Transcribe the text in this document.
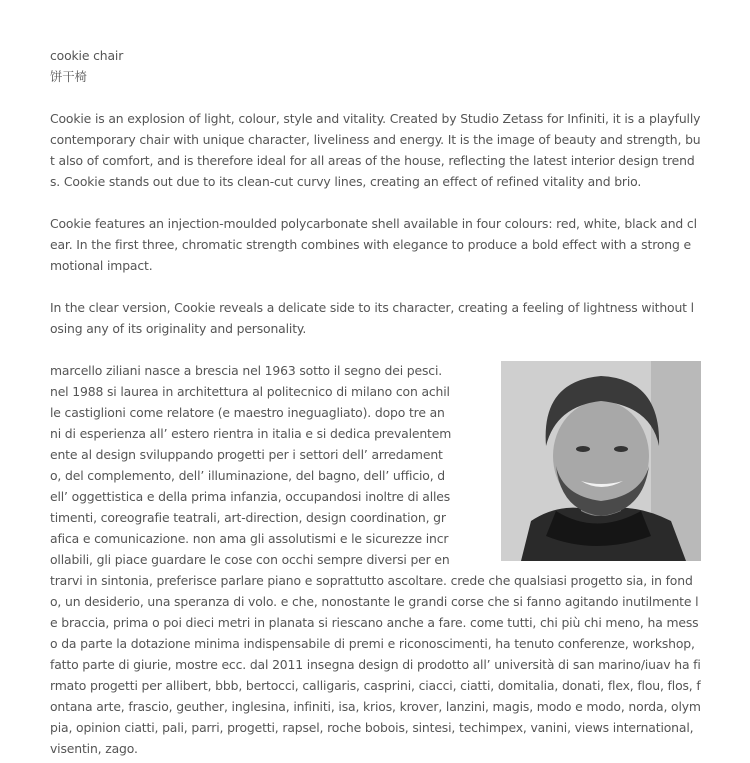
cookie chair
饼干椅

Cookie is an explosion of light, colour, style and vitality. Created by Studio Zetass for Infiniti, it is a playfully contemporary chair with unique character, liveliness and energy. It is the image of beauty and strength, but also of comfort, and is therefore ideal for all areas of the house, reflecting the latest interior design trends. Cookie stands out due to its clean-cut curvy lines, creating an effect of refined vitality and brio.

Cookie features an injection-moulded polycarbonate shell available in four colours: red, white, black and clear. In the first three, chromatic strength combines with elegance to produce a bold effect with a strong emotional impact.

In the clear version, Cookie reveals a delicate side to its character, creating a feeling of lightness without losing any of its originality and personality.

marcello ziliani nasce a brescia nel 1963 sotto il segno dei pesci. nel 1988 si laurea in architettura al politecnico di milano con achille castiglioni come relatore (e maestro ineguagliato). dopo tre anni di esperienza all’ estero rientra in italia e si dedica prevalentemente al design sviluppando progetti per i settori dell’ arredamento, del complemento, dell’ illuminazione, del bagno, dell’ ufficio, dell’ oggettistica e della prima infanzia, occupandosi inoltre di allestimenti, coreografie teatrali, art-direction, design coordination, grafica e comunicazione. non ama gli assolutismi e le sicurezze incrollabili, gli piace guardare le cose con occhi sempre diversi per entrarvi in sintonia, preferisce parlare piano e soprattutto ascoltare. crede che qualsiasi progetto sia, in fondo, un desiderio, una speranza di volo. e che, nonostante le grandi corse che si fanno agitando inutilmente le braccia, prima o poi dieci metri in planata si riescano anche a fare. come tutti, chi più chi meno, ha messo da parte la dotazione minima indispensabile di premi e riconoscimenti, ha tenuto conferenze, workshop, fatto parte di giurie, mostre ecc. dal 2011 insegna design di prodotto all’ università di san marino/iuav ha firmato progetti per allibert, bbb, bertocci, calligaris, casprini, ciacci, ciatti, domitalia, donati, flex, flou, flos, fontana arte, frascio, geuther, inglesina, infiniti, isa, krios, krover, lanzini, magis, modo e modo, norda, olympia, opinion ciatti, pali, parri, progetti, rapsel, roche bobois, sintesi, techimpex, vanini, views international, visentin, zago.
